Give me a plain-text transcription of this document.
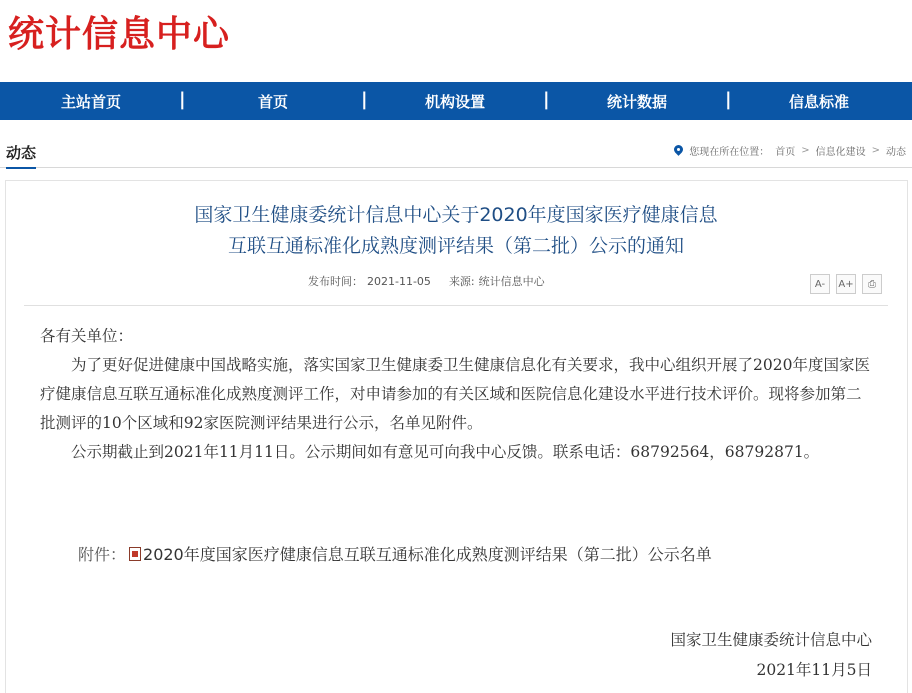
统计信息中心
主站首页	|	首页	|	机构设置	|	统计数据	|	信息标准
动态	您现在所在位置： 首页 > 信息化建设 > 动态
国家卫生健康委统计信息中心关于2020年度国家医疗健康信息
互联互通标准化成熟度测评结果（第二批）公示的通知
发布时间： 2021-11-05 来源: 统计信息中心	A-	A+	⎙

各有关单位：

为了更好促进健康中国战略实施，落实国家卫生健康委卫生健康信息化有关要求，我中心组织开展了2020年度国家医疗健康信息互联互通标准化成熟度测评工作，对申请参加的有关区域和医院信息化建设水平进行技术评价。现将参加第二批测评的10个区域和92家医院测评结果进行公示，名单见附件。

公示期截止到2021年11月11日。公示期间如有意见可向我中心反馈。联系电话：68792564，68792871。

附件： 2020年度国家医疗健康信息互联互通标准化成熟度测评结果（第二批）公示名单
国家卫生健康委统计信息中心
2021年11月5日
